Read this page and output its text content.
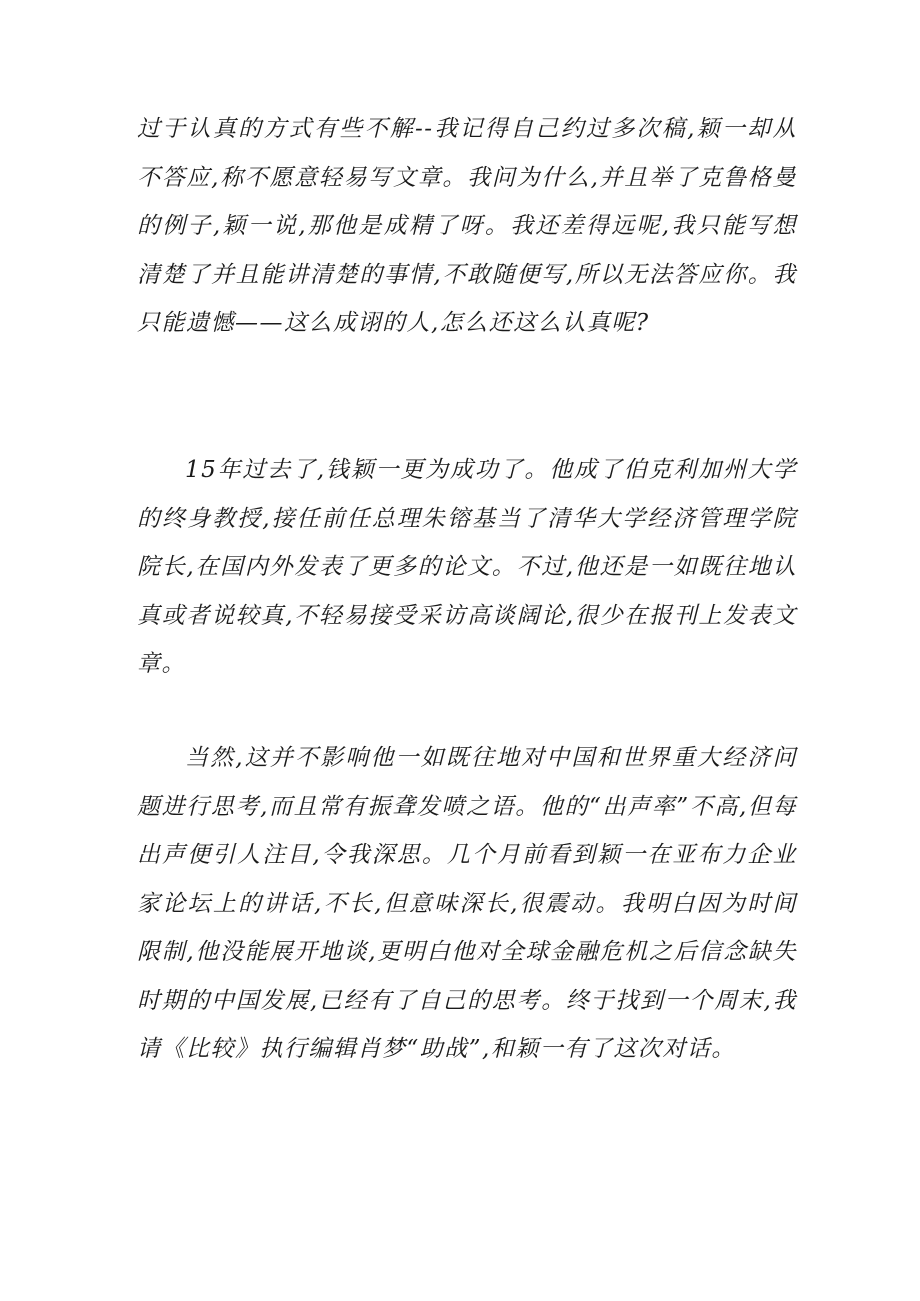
过于认真的方式有些不解--我记得自己约过多次稿,颖一却从不答应,称不愿意轻易写文章。我问为什么,并且举了克鲁格曼的例子,颖一说,那他是成精了呀。我还差得远呢,我只能写想清楚了并且能讲清楚的事情,不敢随便写,所以无法答应你。我只能遗憾——这么成诩的人,怎么还这么认真呢?

15年过去了,钱颖一更为成功了。他成了伯克利加州大学的终身教授,接任前任总理朱镕基当了清华大学经济管理学院院长,在国内外发表了更多的论文。不过,他还是一如既往地认真或者说较真,不轻易接受采访高谈阔论,很少在报刊上发表文章。

当然,这并不影响他一如既往地对中国和世界重大经济问题进行思考,而且常有振聋发喷之语。他的“出声率”不高,但每出声便引人注目,令我深思。几个月前看到颖一在亚布力企业家论坛上的讲话,不长,但意味深长,很震动。我明白因为时间限制,他没能展开地谈,更明白他对全球金融危机之后信念缺失时期的中国发展,已经有了自己的思考。终于找到一个周末,我请《比较》执行编辑肖梦“助战”,和颖一有了这次对话。
